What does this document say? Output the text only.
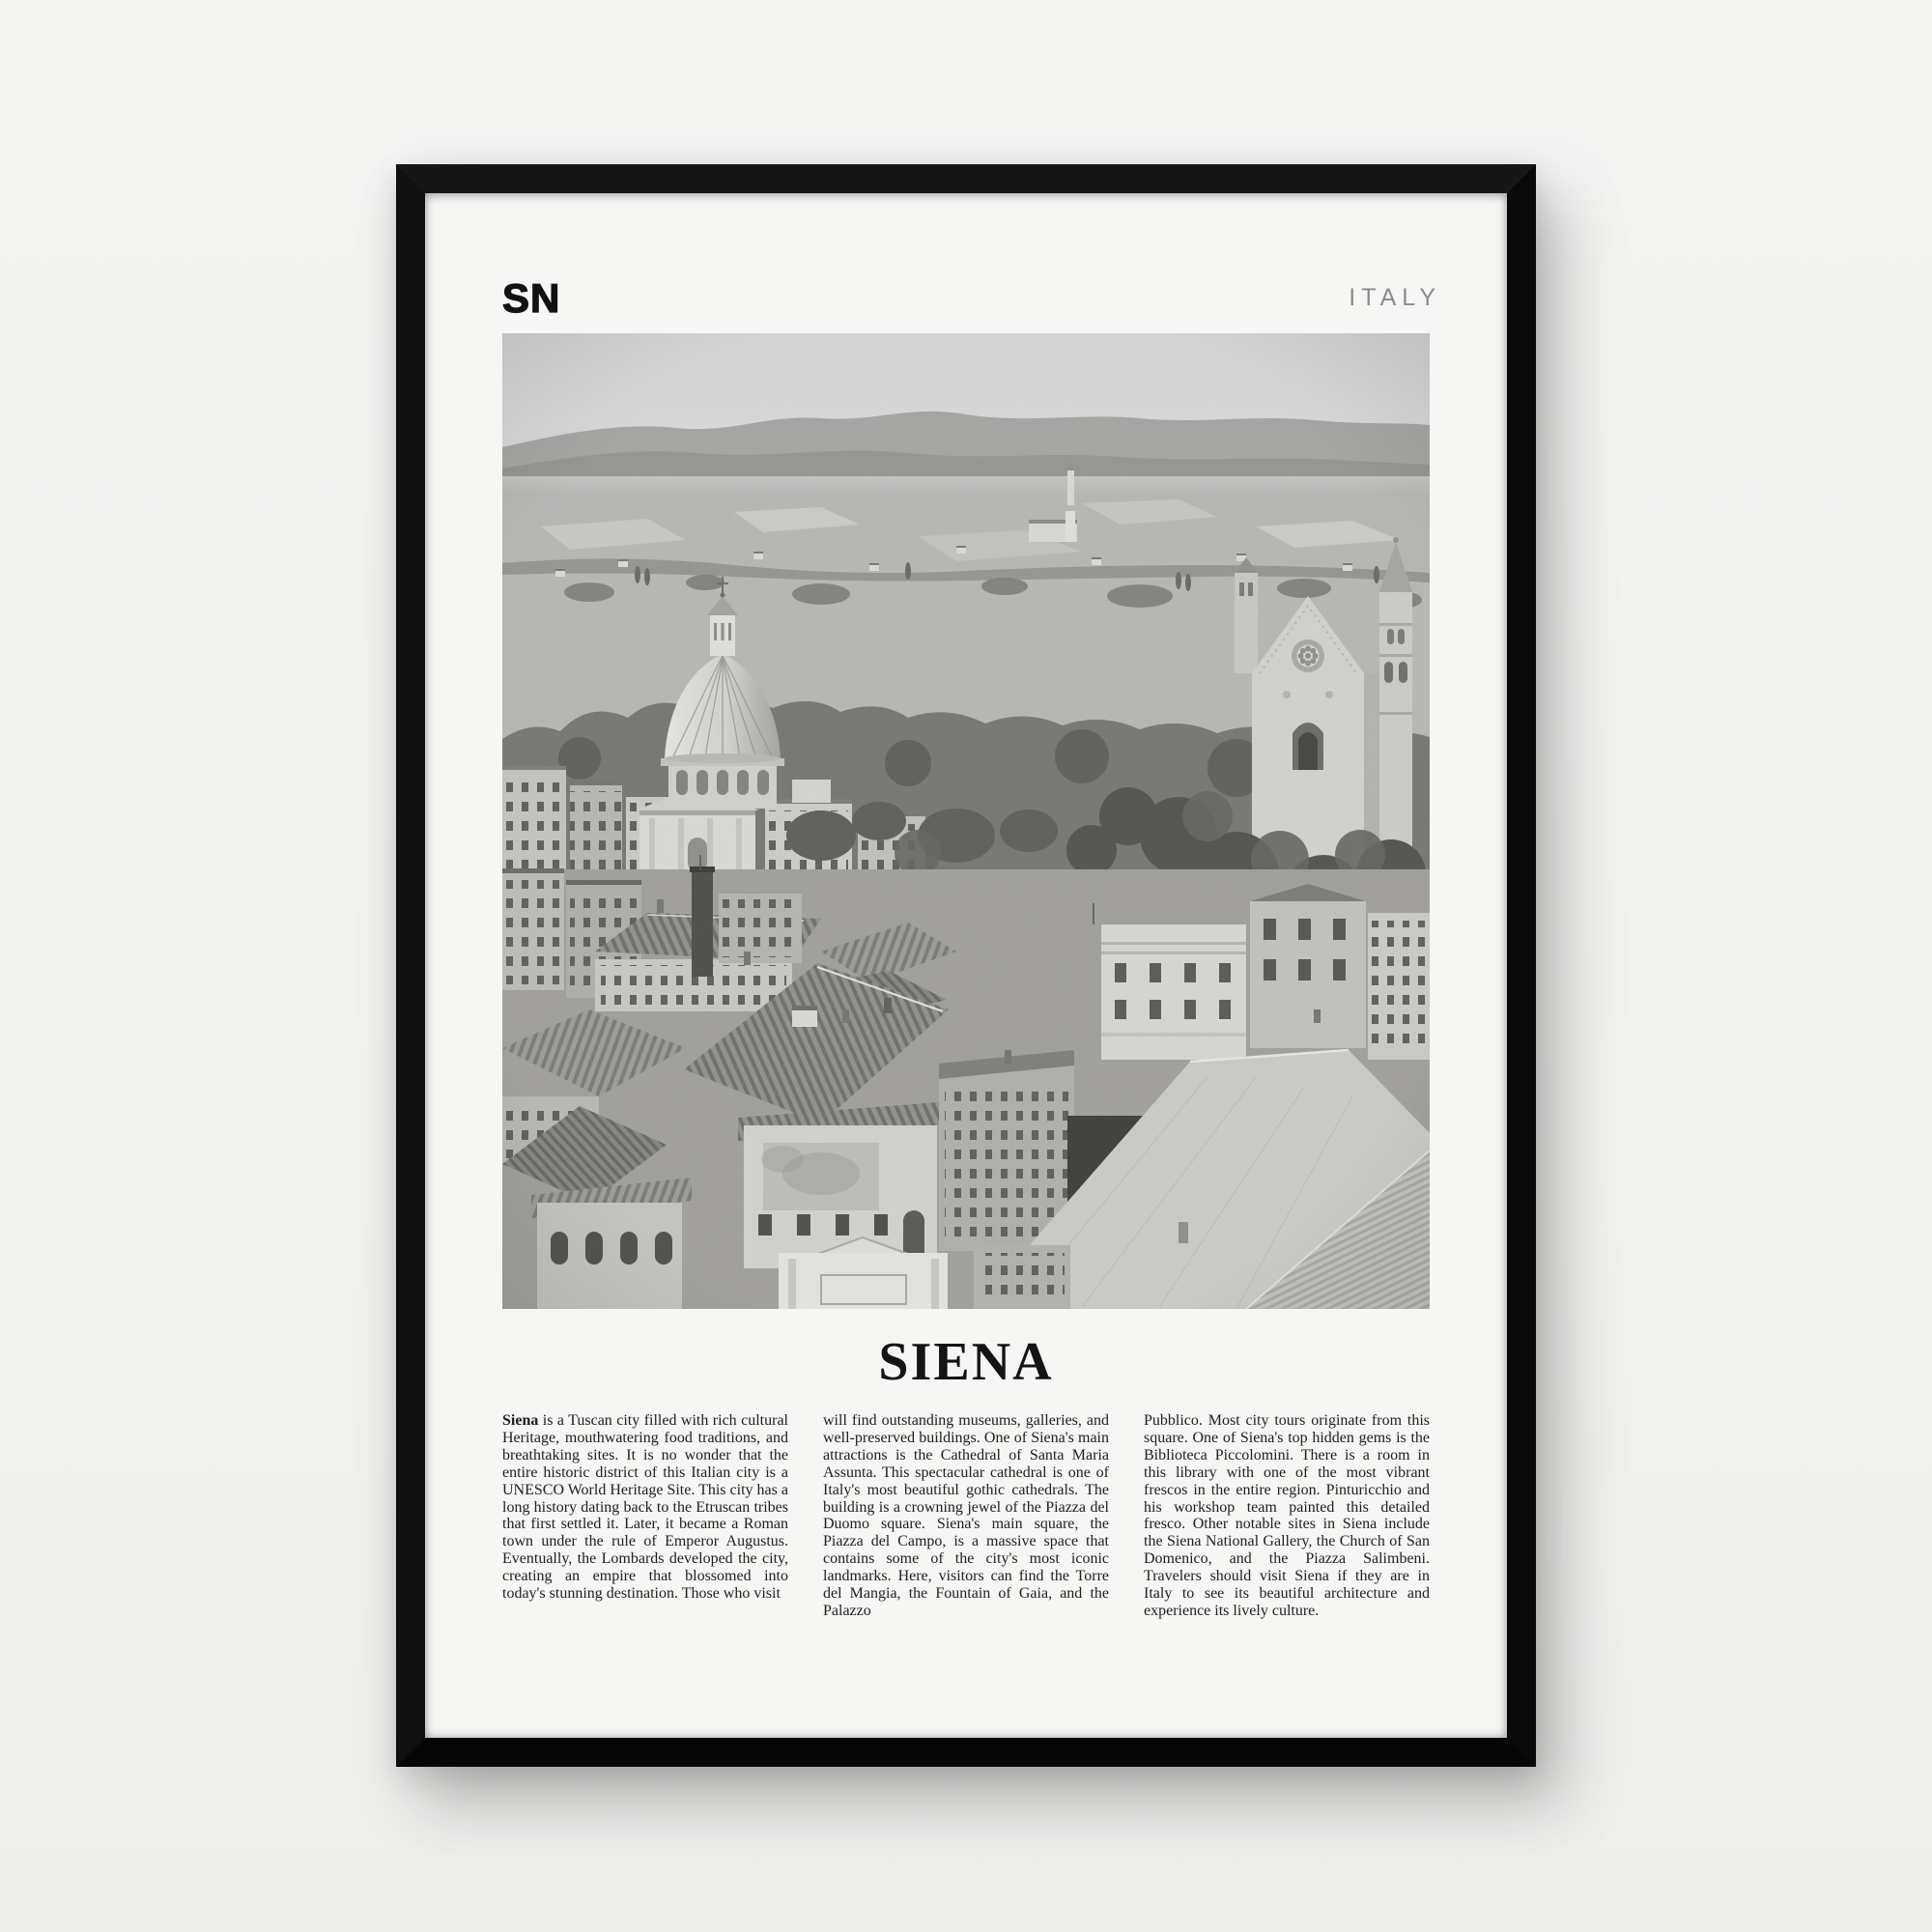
SN	ITALY
SIENA

Siena is a Tuscan city filled with rich cultural Heritage, mouthwatering food traditions, and breathtaking sites. It is no wonder that the entire historic district of this Italian city is a UNESCO World Heritage Site. This city has a long history dating back to the Etruscan tribes that first settled it. Later, it became a Roman town under the rule of Emperor Augustus. Eventually, the Lombards developed the city, creating an empire that blossomed into today's stunning destination. Those who visit

will find outstanding museums, galleries, and well-preserved buildings. One of Siena's main attractions is the Cathedral of Santa Maria Assunta. This spectacular cathedral is one of Italy's most beautiful gothic cathedrals. The building is a crowning jewel of the Piazza del Duomo square. Siena's main square, the Piazza del Campo, is a massive space that contains some of the city's most iconic landmarks. Here, visitors can find the Torre del Mangia, the Fountain of Gaia, and the Palazzo

Pubblico. Most city tours originate from this square. One of Siena's top hidden gems is the Biblioteca Piccolomini. There is a room in this library with one of the most vibrant frescos in the entire region. Pinturicchio and his workshop team painted this detailed fresco. Other notable sites in Siena include the Siena National Gallery, the Church of San Domenico, and the Piazza Salimbeni. Travelers should visit Siena if they are in Italy to see its beautiful architecture and experience its lively culture.
